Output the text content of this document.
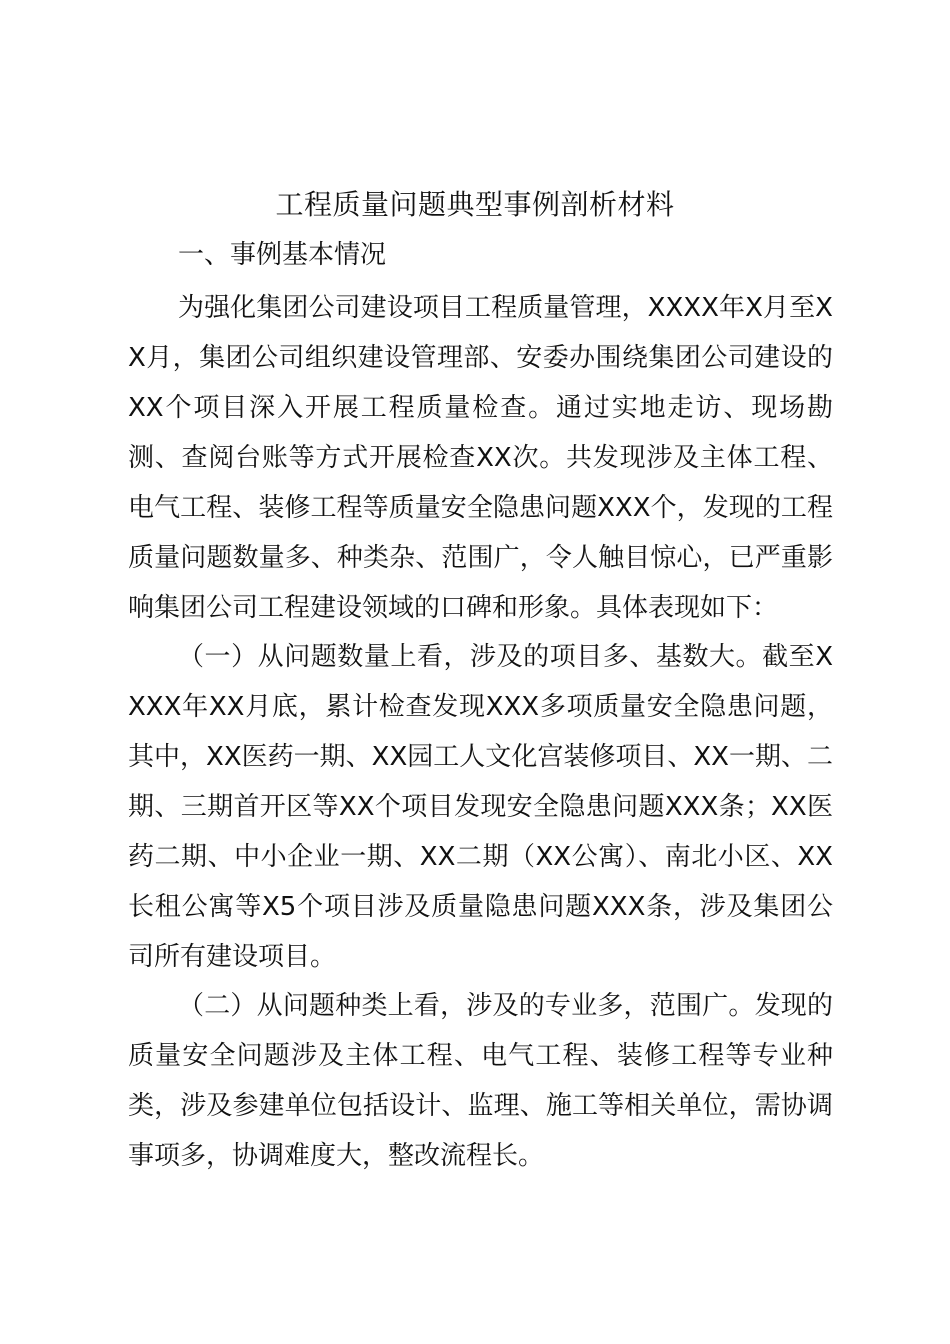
工程质量问题典型事例剖析材料
一、事例基本情况

为强化集团公司建设项目工程质量管理，XXXX年X月至XX月，集团公司组织建设管理部、安委办围绕集团公司建设的XX个项目深入开展工程质量检查。通过实地走访、现场勘测、查阅台账等方式开展检查XX次。共发现涉及主体工程、电气工程、装修工程等质量安全隐患问题XXX个，发现的工程质量问题数量多、种类杂、范围广，令人触目惊心，已严重影响集团公司工程建设领域的口碑和形象。具体表现如下：

（一）从问题数量上看，涉及的项目多、基数大。截至XXXX年XX月底，累计检查发现XXX多项质量安全隐患问题，其中，XX医药一期、XX园工人文化宫装修项目、XX一期、二期、三期首开区等XX个项目发现安全隐患问题XXX条；XX医药二期、中小企业一期、XX二期（XX公寓）、南北小区、XX长租公寓等X5个项目涉及质量隐患问题XXX条，涉及集团公司所有建设项目。

（二）从问题种类上看，涉及的专业多，范围广。发现的质量安全问题涉及主体工程、电气工程、装修工程等专业种类，涉及参建单位包括设计、监理、施工等相关单位，需协调事项多，协调难度大，整改流程长。
